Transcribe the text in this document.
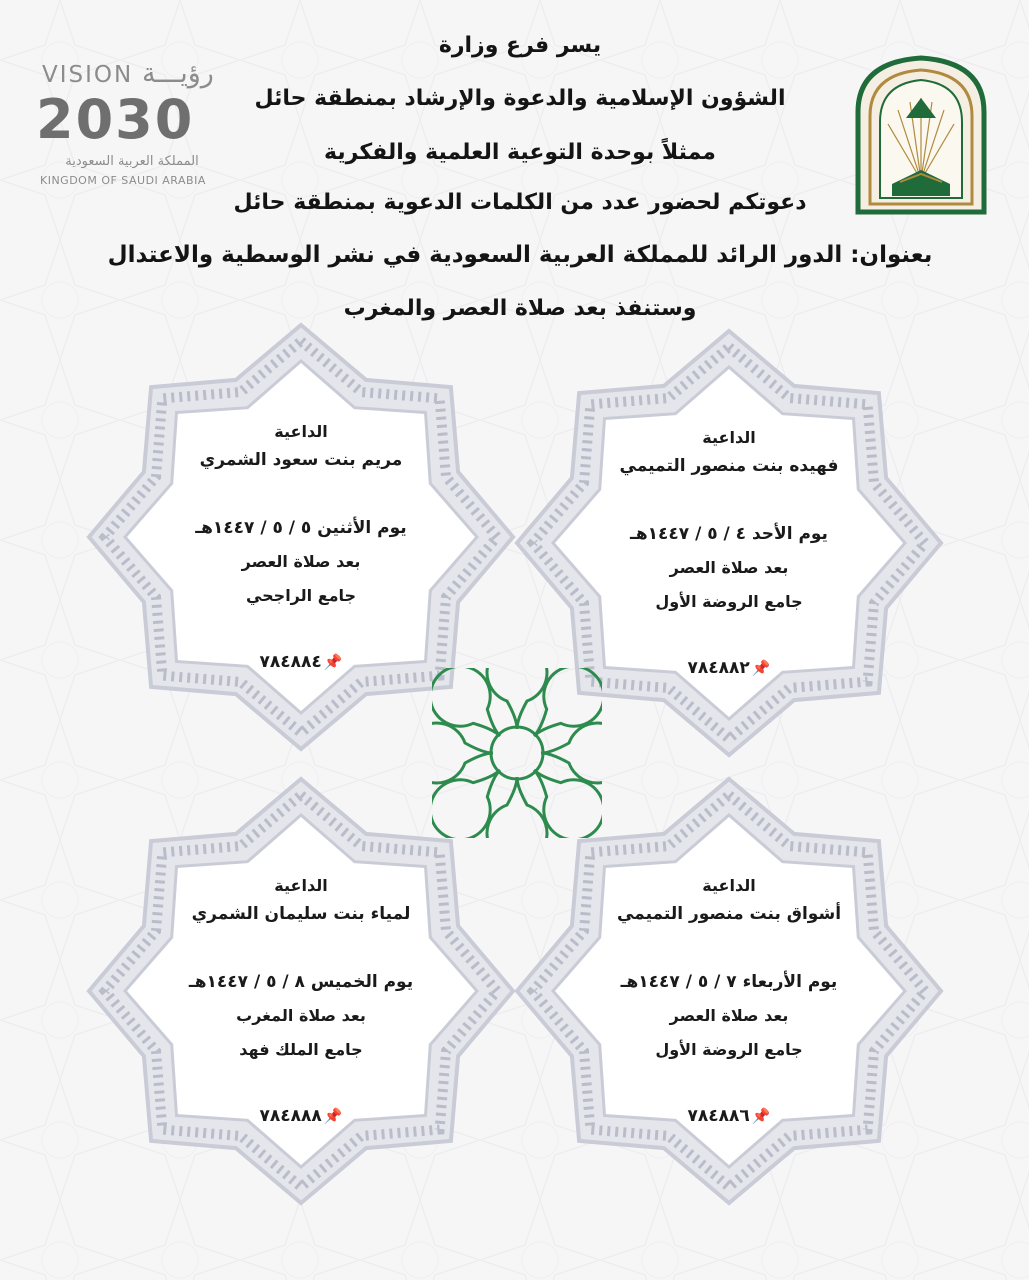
VISION رؤيـــة
2030
المملكة العربية السعودية
KINGDOM OF SAUDI ARABIA
يسر فرع وزارة
الشؤون الإسلامية والدعوة والإرشاد بمنطقة حائل
ممثلاً بوحدة التوعية العلمية والفكرية
دعوتكم لحضور عدد من الكلمات الدعوية بمنطقة حائل
بعنوان: الدور الرائد للمملكة العربية السعودية في نشر الوسطية والاعتدال
وستنفذ بعد صلاة العصر والمغرب
الداعية
فهيده بنت منصور التميمي
يوم الأحد ٤ / ٥ / ١٤٤٧هـ
بعد صلاة العصر
جامع الروضة الأول
📌٧٨٤٨٨٢
الداعية
مريم بنت سعود الشمري
يوم الأثنين ٥ / ٥ / ١٤٤٧هـ
بعد صلاة العصر
جامع الراجحي
📌٧٨٤٨٨٤
الداعية
أشواق بنت منصور التميمي
يوم الأربعاء ٧ / ٥ / ١٤٤٧هـ
بعد صلاة العصر
جامع الروضة الأول
📌٧٨٤٨٨٦
الداعية
لمياء بنت سليمان الشمري
يوم الخميس ٨ / ٥ / ١٤٤٧هـ
بعد صلاة المغرب
جامع الملك فهد
📌٧٨٤٨٨٨
